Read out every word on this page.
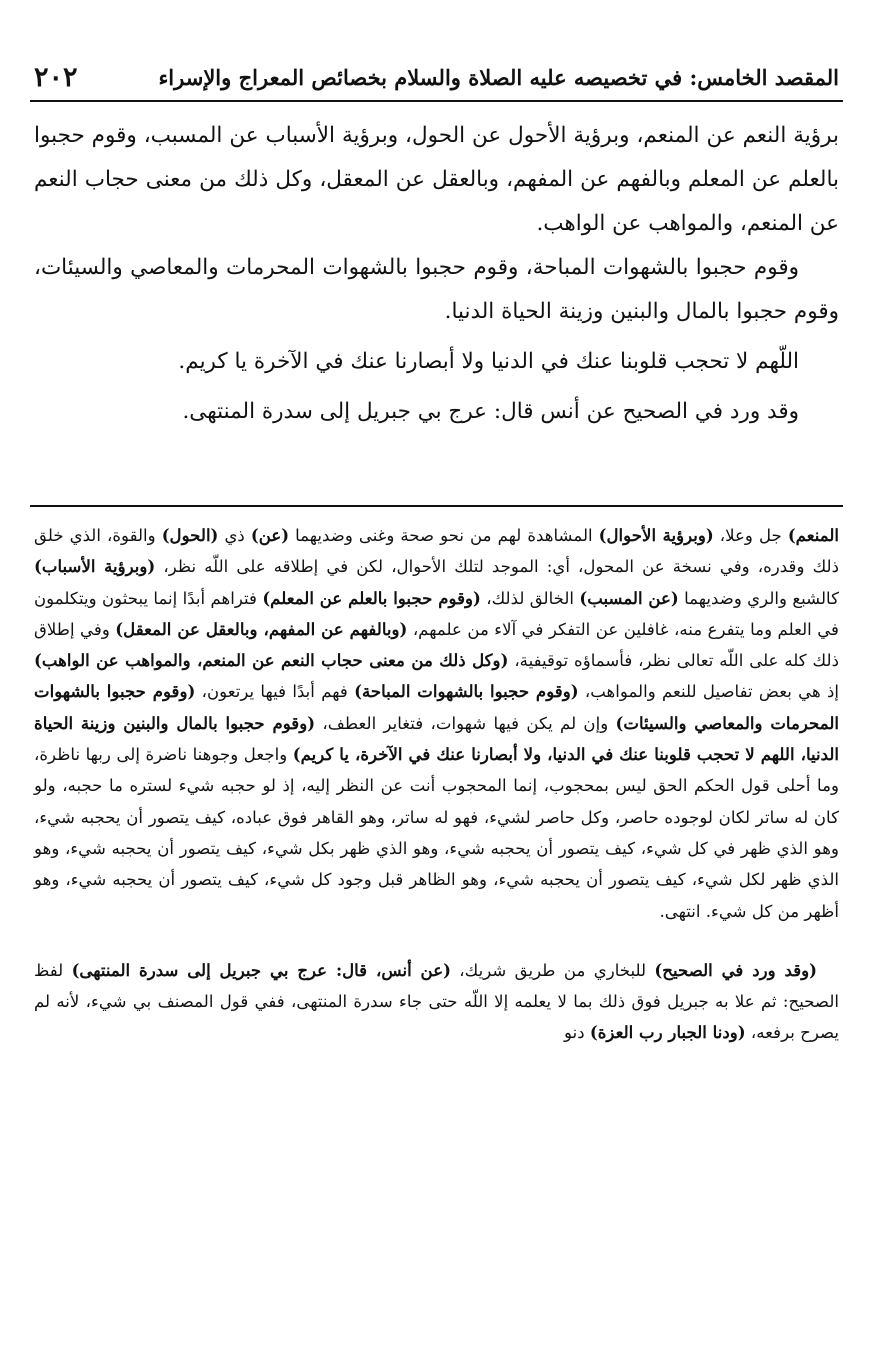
٢٠٢	المقصد الخامس: في تخصيصه عليه الصلاة والسلام بخصائص المعراج والإسراء

برؤية النعم عن المنعم، وبرؤية الأحول عن الحول، وبرؤية الأسباب عن المسبب، وقوم حجبوا بالعلم عن المعلم وبالفهم عن المفهم، وبالعقل عن المعقل، وكل ذلك من معنى حجاب النعم عن المنعم، والمواهب عن الواهب.

وقوم حجبوا بالشهوات المباحة، وقوم حجبوا بالشهوات المحرمات والمعاصي والسيئات، وقوم حجبوا بالمال والبنين وزينة الحياة الدنيا.

اللّهم لا تحجب قلوبنا عنك في الدنيا ولا أبصارنا عنك في الآخرة يا كريم.

وقد ورد في الصحيح عن أنس قال: عرج بي جبريل إلى سدرة المنتهى.

المنعم) جل وعلا، (وبرؤية الأحوال) المشاهدة لهم من نحو صحة وغنى وضديهما (عن) ذي (الحول) والقوة، الذي خلق ذلك وقدره، وفي نسخة عن المحول، أي: الموجد لتلك الأحوال، لكن في إطلاقه على اللّه نظر، (وبرؤية الأسباب) كالشبع والري وضديهما (عن المسبب) الخالق لذلك، (وقوم حجبوا بالعلم عن المعلم) فتراهم أبدًا إنما يبحثون ويتكلمون في العلم وما يتفرع منه، غافلين عن التفكر في آلاء من علمهم، (وبالفهم عن المفهم، وبالعقل عن المعقل) وفي إطلاق ذلك كله على اللّه تعالى نظر، فأسماؤه توقيفية، (وكل ذلك من معنى حجاب النعم عن المنعم، والمواهب عن الواهب) إذ هي بعض تفاصيل للنعم والمواهب، (وقوم حجبوا بالشهوات المباحة) فهم أبدًا فيها يرتعون، (وقوم حجبوا بالشهوات المحرمات والمعاصي والسيئات) وإن لم يكن فيها شهوات، فتغاير العطف، (وقوم حجبوا بالمال والبنين وزينة الحياة الدنيا، اللهم لا تحجب قلوبنا عنك في الدنيا، ولا أبصارنا عنك في الآخرة، يا كريم) واجعل وجوهنا ناضرة إلى ربها ناظرة، وما أحلى قول الحكم الحق ليس بمحجوب، إنما المحجوب أنت عن النظر إليه، إذ لو حجبه شيء لستره ما حجبه، ولو كان له ساتر لكان لوجوده حاصر، وكل حاصر لشيء، فهو له ساتر، وهو القاهر فوق عباده، كيف يتصور أن يحجبه شيء، وهو الذي ظهر في كل شيء، كيف يتصور أن يحجبه شيء، وهو الذي ظهر بكل شيء، كيف يتصور أن يحجبه شيء، وهو الذي ظهر لكل شيء، كيف يتصور أن يحجبه شيء، وهو الظاهر قبل وجود كل شيء، كيف يتصور أن يحجبه شيء، وهو أظهر من كل شيء. انتهى.

(وقد ورد في الصحيح) للبخاري من طريق شريك، (عن أنس، قال: عرج بي جبريل إلى سدرة المنتهى) لفظ الصحيح: ثم علا به جبريل فوق ذلك بما لا يعلمه إلا اللّه حتى جاء سدرة المنتهى، ففي قول المصنف بي شيء، لأنه لم يصرح برفعه، (ودنا الجبار رب العزة) دنو
